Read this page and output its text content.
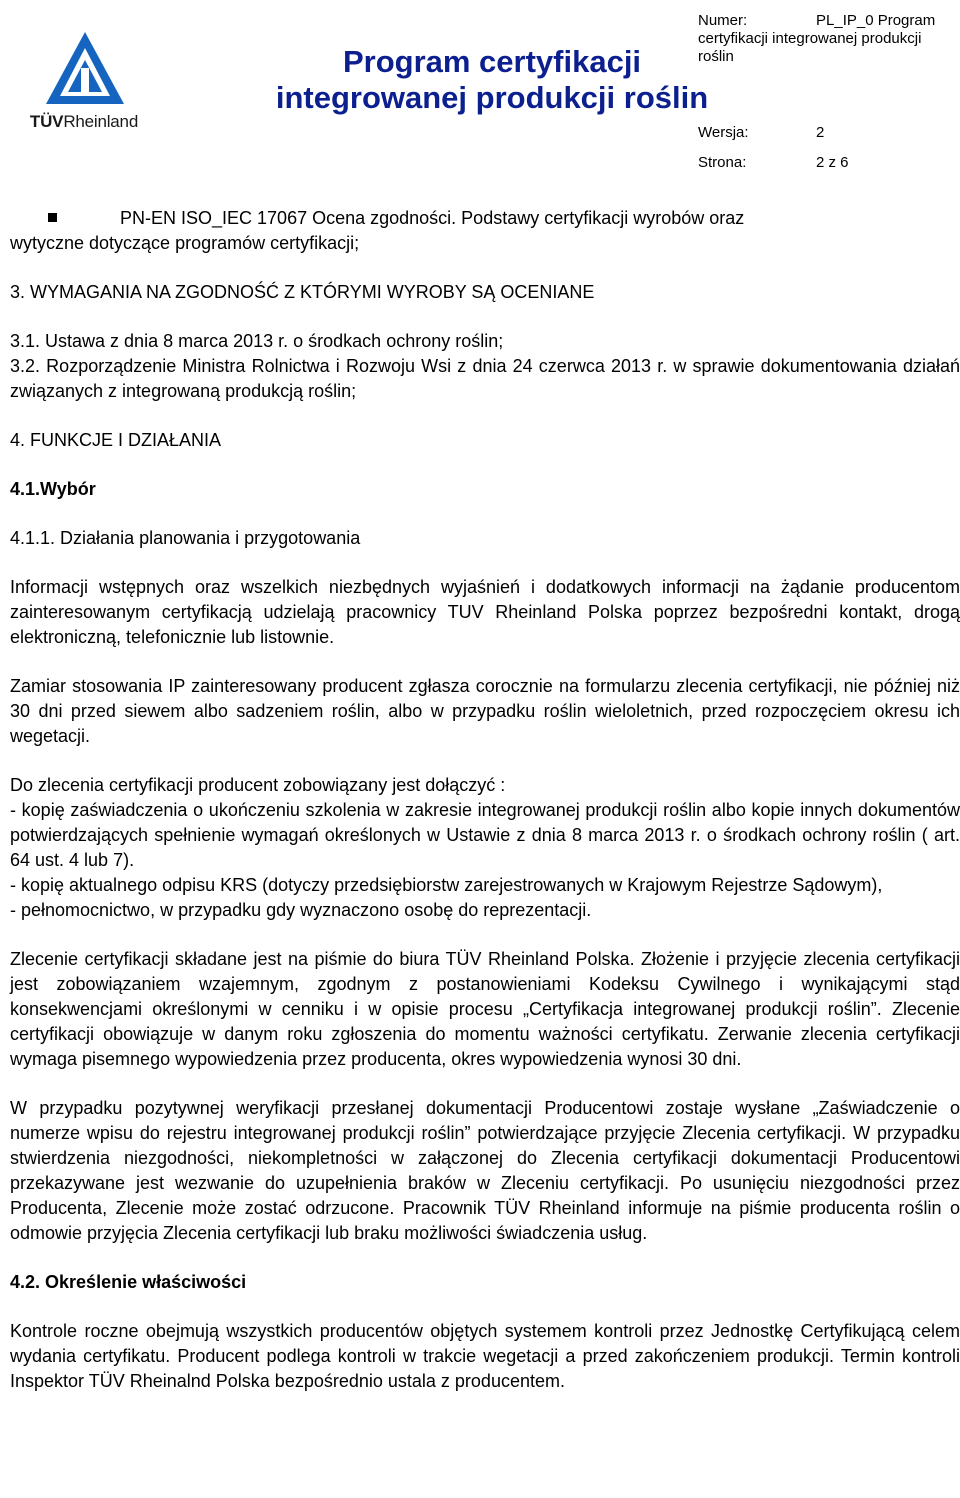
TÜVRheinland
Program certyfikacji integrowanej produkcji roślin
Numer:	PL_IP_0 Program
certyfikacji integrowanej produkcji
roślin
Wersja:	2
Strona:	2 z 6
PN-EN ISO_IEC 17067 Ocena zgodności. Podstawy certyfikacji wyrobów oraz
wytyczne dotyczące programów certyfikacji;

3. WYMAGANIA NA ZGODNOŚĆ Z KTÓRYMI WYROBY SĄ OCENIANE

3.1. Ustawa z dnia 8 marca 2013 r. o środkach ochrony roślin;

3.2. Rozporządzenie Ministra Rolnictwa i Rozwoju Wsi z dnia 24 czerwca 2013 r. w sprawie dokumentowania działań związanych z integrowaną produkcją roślin;

4. FUNKCJE I DZIAŁANIA

4.1.Wybór

4.1.1. Działania planowania i przygotowania

Informacji wstępnych oraz wszelkich niezbędnych wyjaśnień i dodatkowych informacji na żądanie producentom zainteresowanym certyfikacją udzielają pracownicy TUV Rheinland Polska poprzez bezpośredni kontakt, drogą elektroniczną, telefonicznie lub listownie.

Zamiar stosowania IP zainteresowany producent zgłasza corocznie na formularzu zlecenia certyfikacji, nie później niż 30 dni przed siewem albo sadzeniem roślin, albo w przypadku roślin wieloletnich, przed rozpoczęciem okresu ich wegetacji.

Do zlecenia certyfikacji producent zobowiązany jest dołączyć :

- kopię zaświadczenia o ukończeniu szkolenia w zakresie integrowanej produkcji roślin albo kopie innych dokumentów potwierdzających spełnienie wymagań określonych w Ustawie z dnia 8 marca 2013 r. o środkach ochrony roślin ( art. 64 ust. 4 lub 7).

- kopię aktualnego odpisu KRS (dotyczy przedsiębiorstw zarejestrowanych w Krajowym Rejestrze Sądowym),

- pełnomocnictwo, w przypadku gdy wyznaczono osobę do reprezentacji.

Zlecenie certyfikacji składane jest na piśmie do biura TÜV Rheinland Polska. Złożenie i przyjęcie zlecenia certyfikacji jest zobowiązaniem wzajemnym, zgodnym z postanowieniami Kodeksu Cywilnego i wynikającymi stąd konsekwencjami określonymi w cenniku i w opisie procesu „Certyfikacja integrowanej produkcji roślin”. Zlecenie certyfikacji obowiązuje w danym roku zgłoszenia do momentu ważności certyfikatu. Zerwanie zlecenia certyfikacji wymaga pisemnego wypowiedzenia przez producenta, okres wypowiedzenia wynosi 30 dni.

W przypadku pozytywnej weryfikacji przesłanej dokumentacji Producentowi zostaje wysłane „Zaświadczenie o numerze wpisu do rejestru integrowanej produkcji roślin” potwierdzające przyjęcie Zlecenia certyfikacji. W przypadku stwierdzenia niezgodności, niekompletności w załączonej do Zlecenia certyfikacji dokumentacji Producentowi przekazywane jest wezwanie do uzupełnienia braków w Zleceniu certyfikacji. Po usunięciu niezgodności przez Producenta, Zlecenie może zostać odrzucone. Pracownik TÜV Rheinland informuje na piśmie producenta roślin o odmowie przyjęcia Zlecenia certyfikacji lub braku możliwości świadczenia usług.

4.2. Określenie właściwości

Kontrole roczne obejmują wszystkich producentów objętych systemem kontroli przez Jednostkę Certyfikującą celem wydania certyfikatu. Producent podlega kontroli w trakcie wegetacji a przed zakończeniem produkcji. Termin kontroli Inspektor TÜV Rheinalnd Polska bezpośrednio ustala z producentem.
